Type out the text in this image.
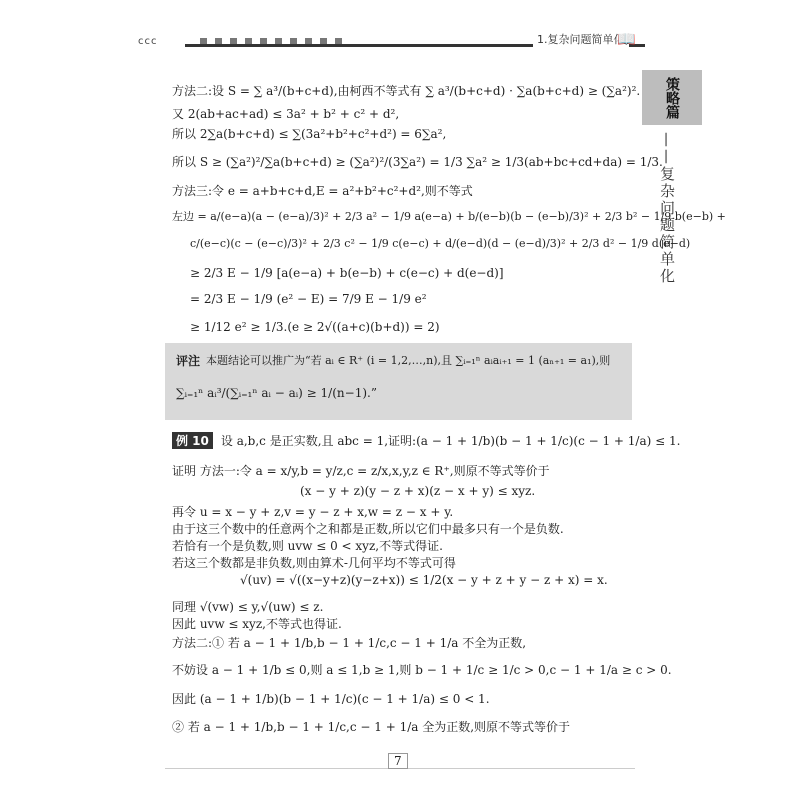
ccc	1.复杂问题简单化
📖
策略篇
——复杂问题简单化
方法二:设 S = ∑ a³/(b+c+d),由柯西不等式有 ∑ a³/(b+c+d) · ∑a(b+c+d) ≥ (∑a²)².
又 2(ab+ac+ad) ≤ 3a² + b² + c² + d²,
所以 2∑a(b+c+d) ≤ ∑(3a²+b²+c²+d²) = 6∑a²,
所以 S ≥ (∑a²)²/∑a(b+c+d) ≥ (∑a²)²/(3∑a²) = 1/3 ∑a² ≥ 1/3(ab+bc+cd+da) = 1/3.
方法三:令 e = a+b+c+d,E = a²+b²+c²+d²,则不等式
左边 = a/(e−a)(a − (e−a)/3)² + 2/3 a² − 1/9 a(e−a) + b/(e−b)(b − (e−b)/3)² + 2/3 b² − 1/9 b(e−b) +
c/(e−c)(c − (e−c)/3)² + 2/3 c² − 1/9 c(e−c) + d/(e−d)(d − (e−d)/3)² + 2/3 d² − 1/9 d(e−d)
≥ 2/3 E − 1/9 [a(e−a) + b(e−b) + c(e−c) + d(e−d)]
= 2/3 E − 1/9 (e² − E) = 7/9 E − 1/9 e²
≥ 1/12 e² ≥ 1/3.(e ≥ 2√((a+c)(b+d)) = 2)
评注 本题结论可以推广为“若 aᵢ ∈ R⁺ (i = 1,2,…,n),且 ∑ᵢ₌₁ⁿ aᵢaᵢ₊₁ = 1 (aₙ₊₁ = a₁),则
∑ᵢ₌₁ⁿ aᵢ³/(∑ᵢ₌₁ⁿ aᵢ − aᵢ) ≥ 1/(n−1).”
例 10 设 a,b,c 是正实数,且 abc = 1,证明:(a − 1 + 1/b)(b − 1 + 1/c)(c − 1 + 1/a) ≤ 1.
证明 方法一:令 a = x/y,b = y/z,c = z/x,x,y,z ∈ R⁺,则原不等式等价于
(x − y + z)(y − z + x)(z − x + y) ≤ xyz.
再令 u = x − y + z,v = y − z + x,w = z − x + y.
由于这三个数中的任意两个之和都是正数,所以它们中最多只有一个是负数.
若恰有一个是负数,则 uvw ≤ 0 < xyz,不等式得证.
若这三个数都是非负数,则由算术-几何平均不等式可得
√(uv) = √((x−y+z)(y−z+x)) ≤ 1/2(x − y + z + y − z + x) = x.
同理 √(vw) ≤ y,√(uw) ≤ z.
因此 uvw ≤ xyz,不等式也得证.
方法二:① 若 a − 1 + 1/b,b − 1 + 1/c,c − 1 + 1/a 不全为正数,
不妨设 a − 1 + 1/b ≤ 0,则 a ≤ 1,b ≥ 1,则 b − 1 + 1/c ≥ 1/c > 0,c − 1 + 1/a ≥ c > 0.
因此 (a − 1 + 1/b)(b − 1 + 1/c)(c − 1 + 1/a) ≤ 0 < 1.
② 若 a − 1 + 1/b,b − 1 + 1/c,c − 1 + 1/a 全为正数,则原不等式等价于
7
